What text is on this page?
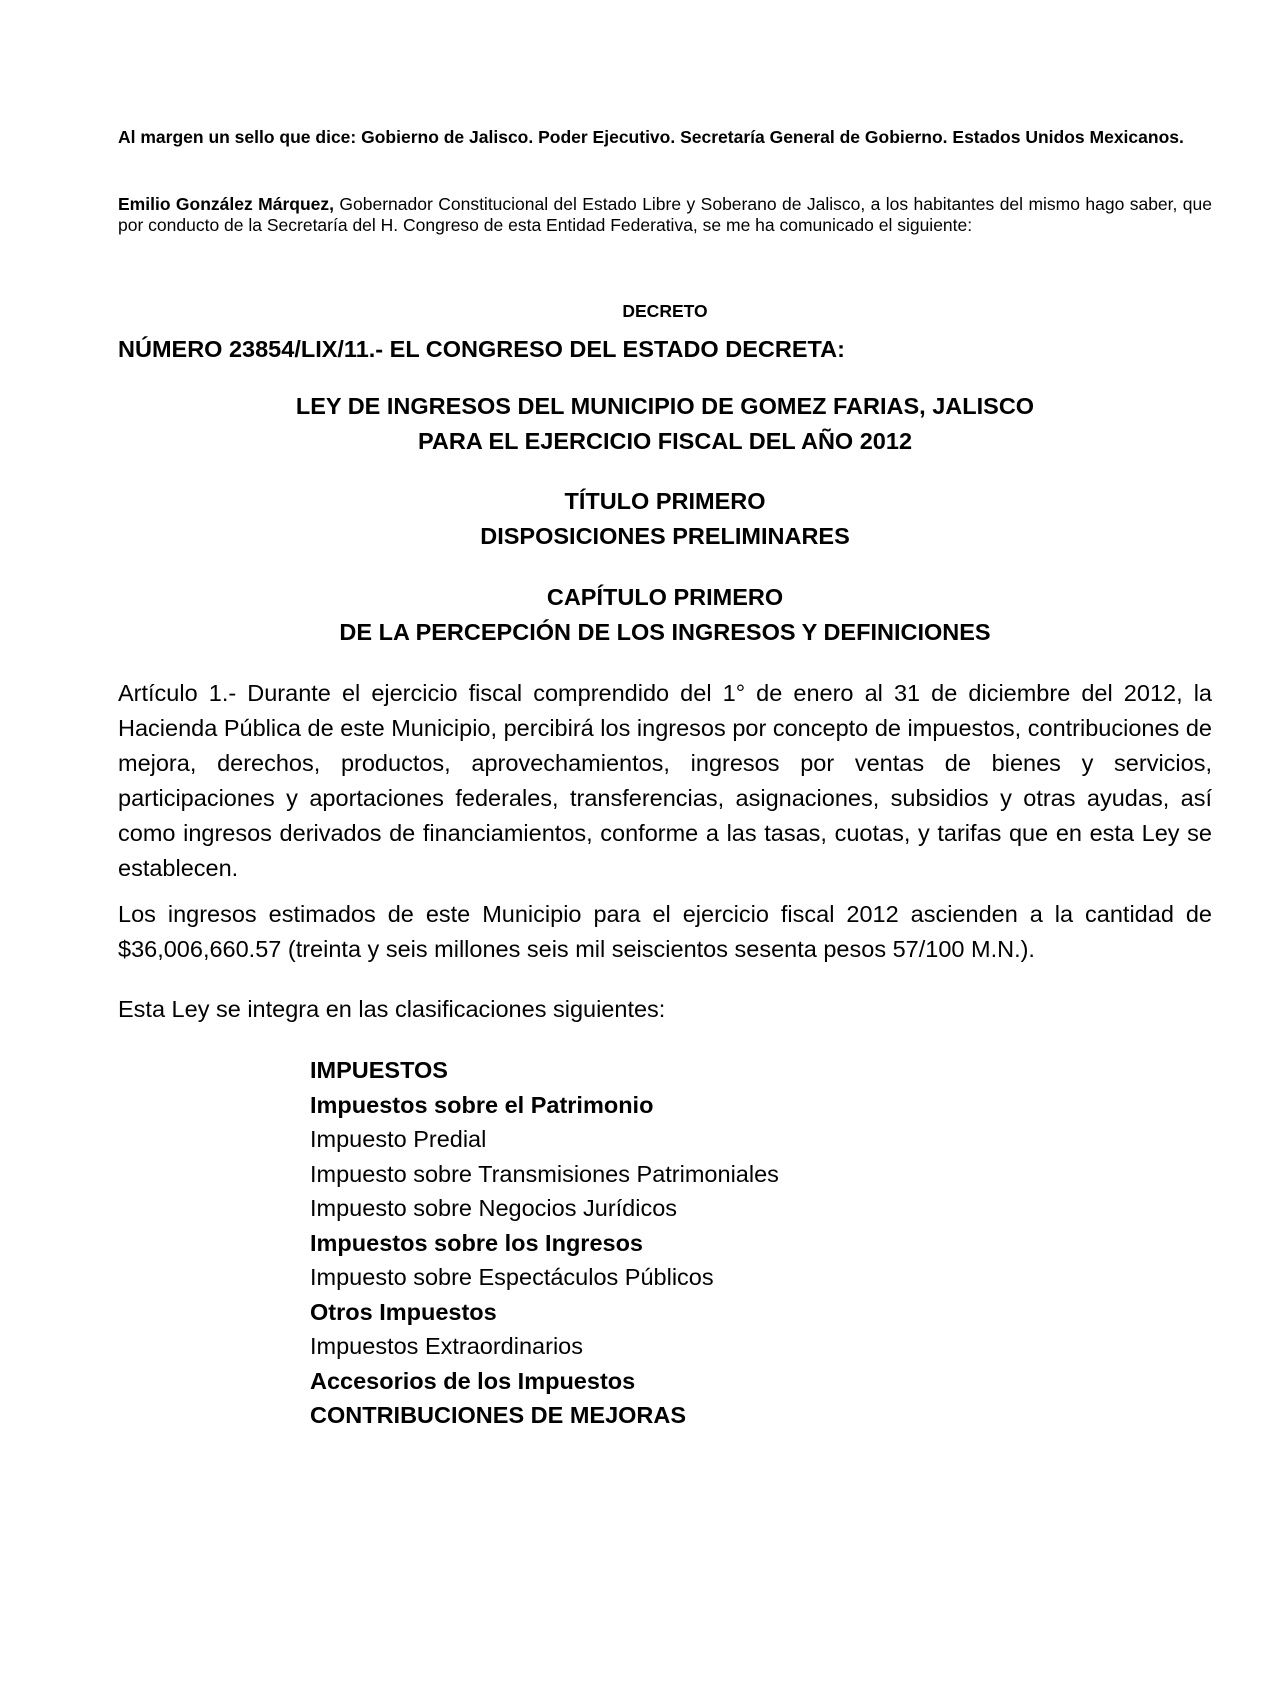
Al margen un sello que dice: Gobierno de Jalisco. Poder Ejecutivo. Secretaría General de Gobierno. Estados Unidos Mexicanos.
Emilio González Márquez, Gobernador Constitucional del Estado Libre y Soberano de Jalisco, a los habitantes del mismo hago saber, que por conducto de la Secretaría del H. Congreso de esta Entidad Federativa, se me ha comunicado el siguiente:
DECRETO
NÚMERO 23854/LIX/11.- EL CONGRESO DEL ESTADO DECRETA:
LEY DE INGRESOS DEL MUNICIPIO DE GOMEZ FARIAS, JALISCO
PARA EL EJERCICIO FISCAL DEL AÑO 2012
TÍTULO PRIMERO
DISPOSICIONES PRELIMINARES
CAPÍTULO PRIMERO
DE LA PERCEPCIÓN DE LOS INGRESOS Y DEFINICIONES
Artículo 1.- Durante el ejercicio fiscal comprendido del 1° de enero al 31 de diciembre del 2012, la Hacienda Pública de este Municipio, percibirá los ingresos por concepto de impuestos, contribuciones de mejora, derechos, productos, aprovechamientos, ingresos por ventas de bienes y servicios, participaciones y aportaciones federales, transferencias, asignaciones, subsidios y otras ayudas, así como ingresos derivados de financiamientos, conforme a las tasas, cuotas, y tarifas que en esta Ley se establecen.
Los ingresos estimados de este Municipio para el ejercicio fiscal 2012 ascienden a la cantidad de $36,006,660.57 (treinta y seis millones seis mil seiscientos sesenta pesos 57/100 M.N.).
Esta Ley se integra en las clasificaciones siguientes:
IMPUESTOS
Impuestos sobre el Patrimonio
Impuesto Predial
Impuesto sobre Transmisiones Patrimoniales
Impuesto sobre Negocios Jurídicos
Impuestos sobre los Ingresos
Impuesto sobre Espectáculos Públicos
Otros Impuestos
Impuestos Extraordinarios
Accesorios de los Impuestos
CONTRIBUCIONES DE MEJORAS
